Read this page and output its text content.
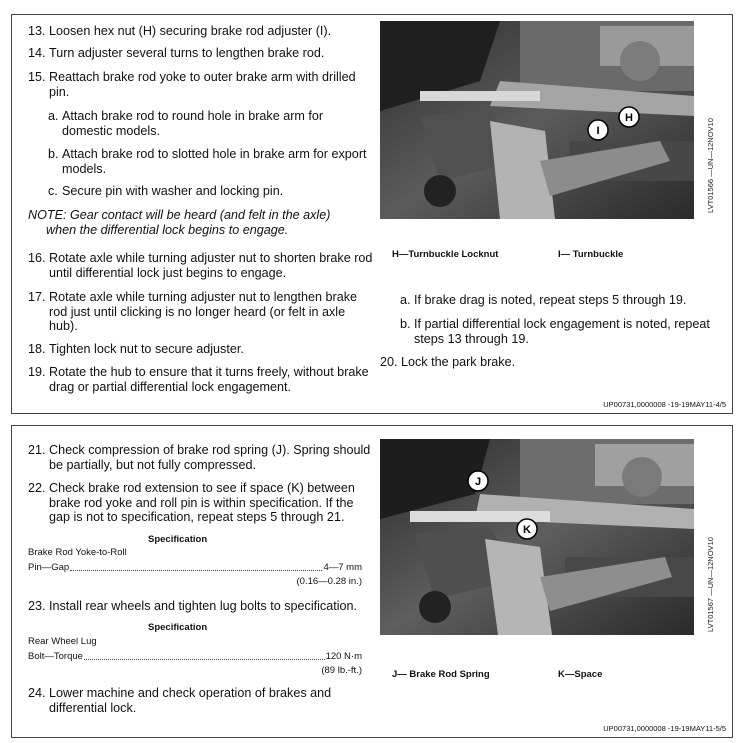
13. Loosen hex nut (H) securing brake rod adjuster (I).
14. Turn adjuster several turns to lengthen brake rod.
15. Reattach brake rod yoke to outer brake arm with drilled pin.
a. Attach brake rod to round hole in brake arm for domestic models.
b. Attach brake rod to slotted hole in brake arm for export models.
c. Secure pin with washer and locking pin.
NOTE: Gear contact will be heard (and felt in the axle)
when the differential lock begins to engage.
16. Rotate axle while turning adjuster nut to shorten brake rod until differential lock just begins to engage.
17. Rotate axle while turning adjuster nut to lengthen brake rod just until clicking is no longer heard (or felt in axle hub).
18. Tighten lock nut to secure adjuster.
19. Rotate the hub to ensure that it turns freely, without brake drag or partial differential lock engagement.
I
H
LVT01566 —UN—12NOV10
H—Turnbuckle Locknut	I— Turnbuckle
a. If brake drag is noted, repeat steps 5 through 19.
b. If partial differential lock engagement is noted, repeat steps 13 through 19.
20. Lock the park brake.
UP00731,0000008 -19-19MAY11-4/5
21. Check compression of brake rod spring (J). Spring should be partially, but not fully compressed.
22. Check brake rod extension to see if space (K) between brake rod yoke and roll pin is within specification. If the gap is not to specification, repeat steps 5 through 21.
Specification
Brake Rod Yoke-to-Roll
Pin—Gap	4—7 mm
(0.16—0.28 in.)
23. Install rear wheels and tighten lug bolts to specification.
Specification
Rear Wheel Lug
Bolt—Torque	120 N·m
(89 lb.-ft.)
24. Lower machine and check operation of brakes and differential lock.
J
K
LVT01567 —UN—12NOV10
J— Brake Rod Spring	K—Space
UP00731,0000008 -19-19MAY11-5/5
